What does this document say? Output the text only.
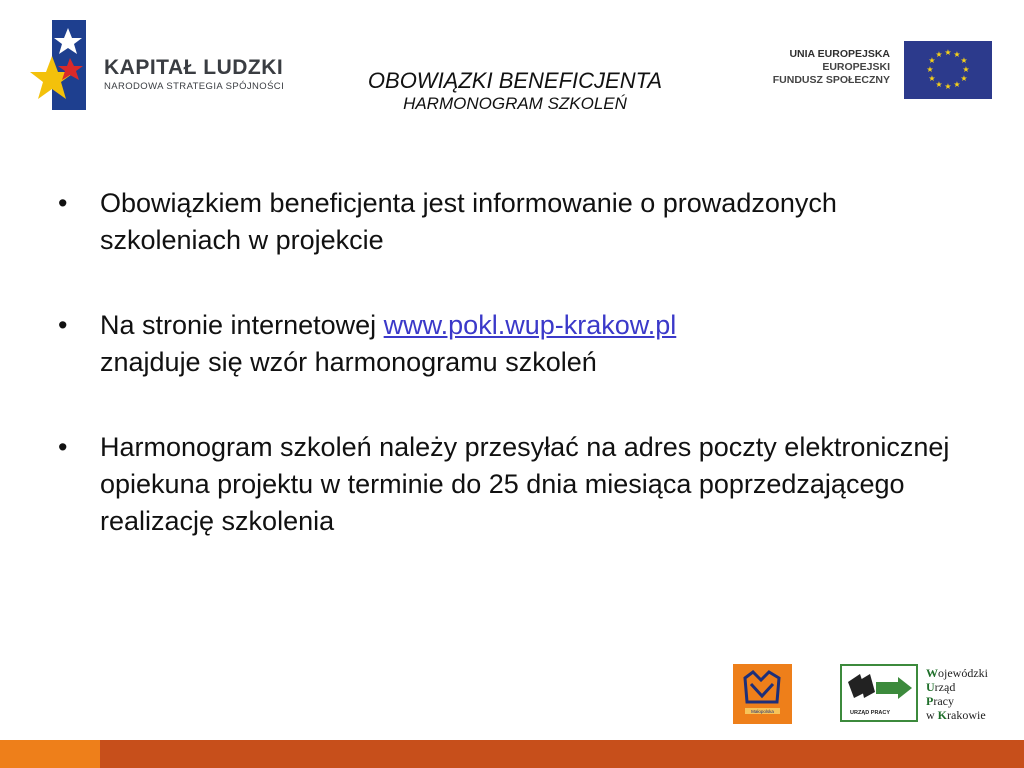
KAPITAŁ LUDZKI
NARODOWA STRATEGIA SPÓJNOŚCI	OBOWIĄZKI BENEFICJENTA
HARMONOGRAM SZKOLEŃ
UNIA EUROPEJSKA
EUROPEJSKI
FUNDUSZ SPOŁECZNY
★ ★
★
★
★
★
★
★
★
★
★
★
• Obowiązkiem beneficjenta jest informowanie o prowadzonych szkoleniach w projekcie
• Na stronie internetowej www.pokl.wup-krakow.pl
znajduje się wzór harmonogramu szkoleń
• Harmonogram szkoleń należy przesyłać na adres poczty elektronicznej opiekuna projektu w terminie do 25 dnia miesiąca poprzedzającego realizację szkolenia
Małopolska	URZĄD PRACY
Wojewódzki
Urząd
Pracy
w Krakowie
